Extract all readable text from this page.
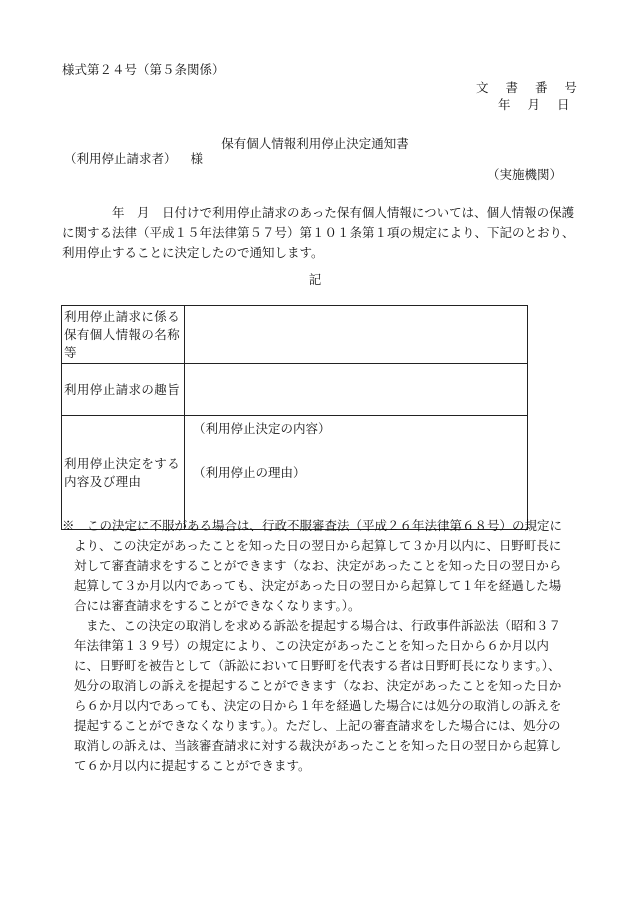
様式第２４号（第５条関係）
文 書 番 号
年 月 日
保有個人情報利用停止決定通知書
（利用停止請求者） 様
（実施機関）

　　　　年　月　日付けで利用停止請求のあった保有個人情報については、個人情報の保護に関する法律（平成１５年法律第５７号）第１０１条第１項の規定により、下記のとおり、利用停止することに決定したので通知します。

記
利用停止請求に係る保有個人情報の名称等	
利用停止請求の趣旨	
利用停止決定をする内容及び理由	（利用停止決定の内容）
（利用停止の理由）

※　この決定に不服がある場合は、行政不服審査法（平成２６年法律第６８号）の規定により、この決定があったことを知った日の翌日から起算して３か月以内に、日野町長に対して審査請求をすることができます（なお、決定があったことを知った日の翌日から起算して３か月以内であっても、決定があった日の翌日から起算して１年を経過した場合には審査請求をすることができなくなります。）。

また、この決定の取消しを求める訴訟を提起する場合は、行政事件訴訟法（昭和３７年法律第１３９号）の規定により、この決定があったことを知った日から６か月以内に、日野町を被告として（訴訟において日野町を代表する者は日野町長になります。）、処分の取消しの訴えを提起することができます（なお、決定があったことを知った日から６か月以内であっても、決定の日から１年を経過した場合には処分の取消しの訴えを提起することができなくなります。）。ただし、上記の審査請求をした場合には、処分の取消しの訴えは、当該審査請求に対する裁決があったことを知った日の翌日から起算して６か月以内に提起することができます。
